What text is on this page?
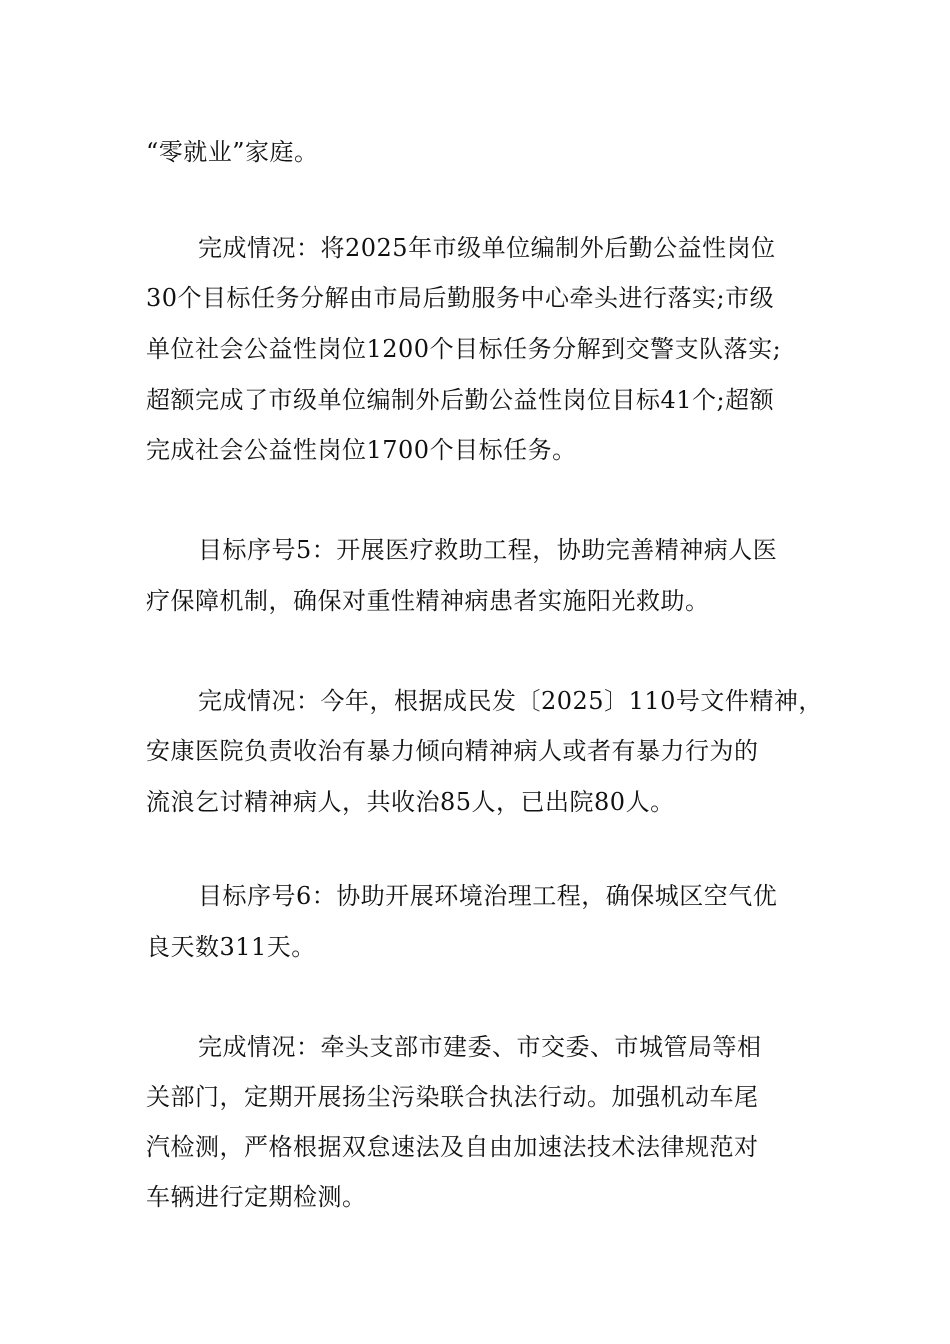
“零就业”家庭。
完成情况：将2025年市级单位编制外后勤公益性岗位
30个目标任务分解由市局后勤服务中心牵头进行落实;市级
单位社会公益性岗位1200个目标任务分解到交警支队落实;
超额完成了市级单位编制外后勤公益性岗位目标41个;超额
完成社会公益性岗位1700个目标任务。
目标序号5：开展医疗救助工程，协助完善精神病人医
疗保障机制，确保对重性精神病患者实施阳光救助。
完成情况：今年，根据成民发〔2025〕110号文件精神，
安康医院负责收治有暴力倾向精神病人或者有暴力行为的
流浪乞讨精神病人，共收治85人，已出院80人。
目标序号6：协助开展环境治理工程，确保城区空气优
良天数311天。
完成情况：牵头支部市建委、市交委、市城管局等相
关部门，定期开展扬尘污染联合执法行动。加强机动车尾
汽检测，严格根据双怠速法及自由加速法技术法律规范对
车辆进行定期检测。
